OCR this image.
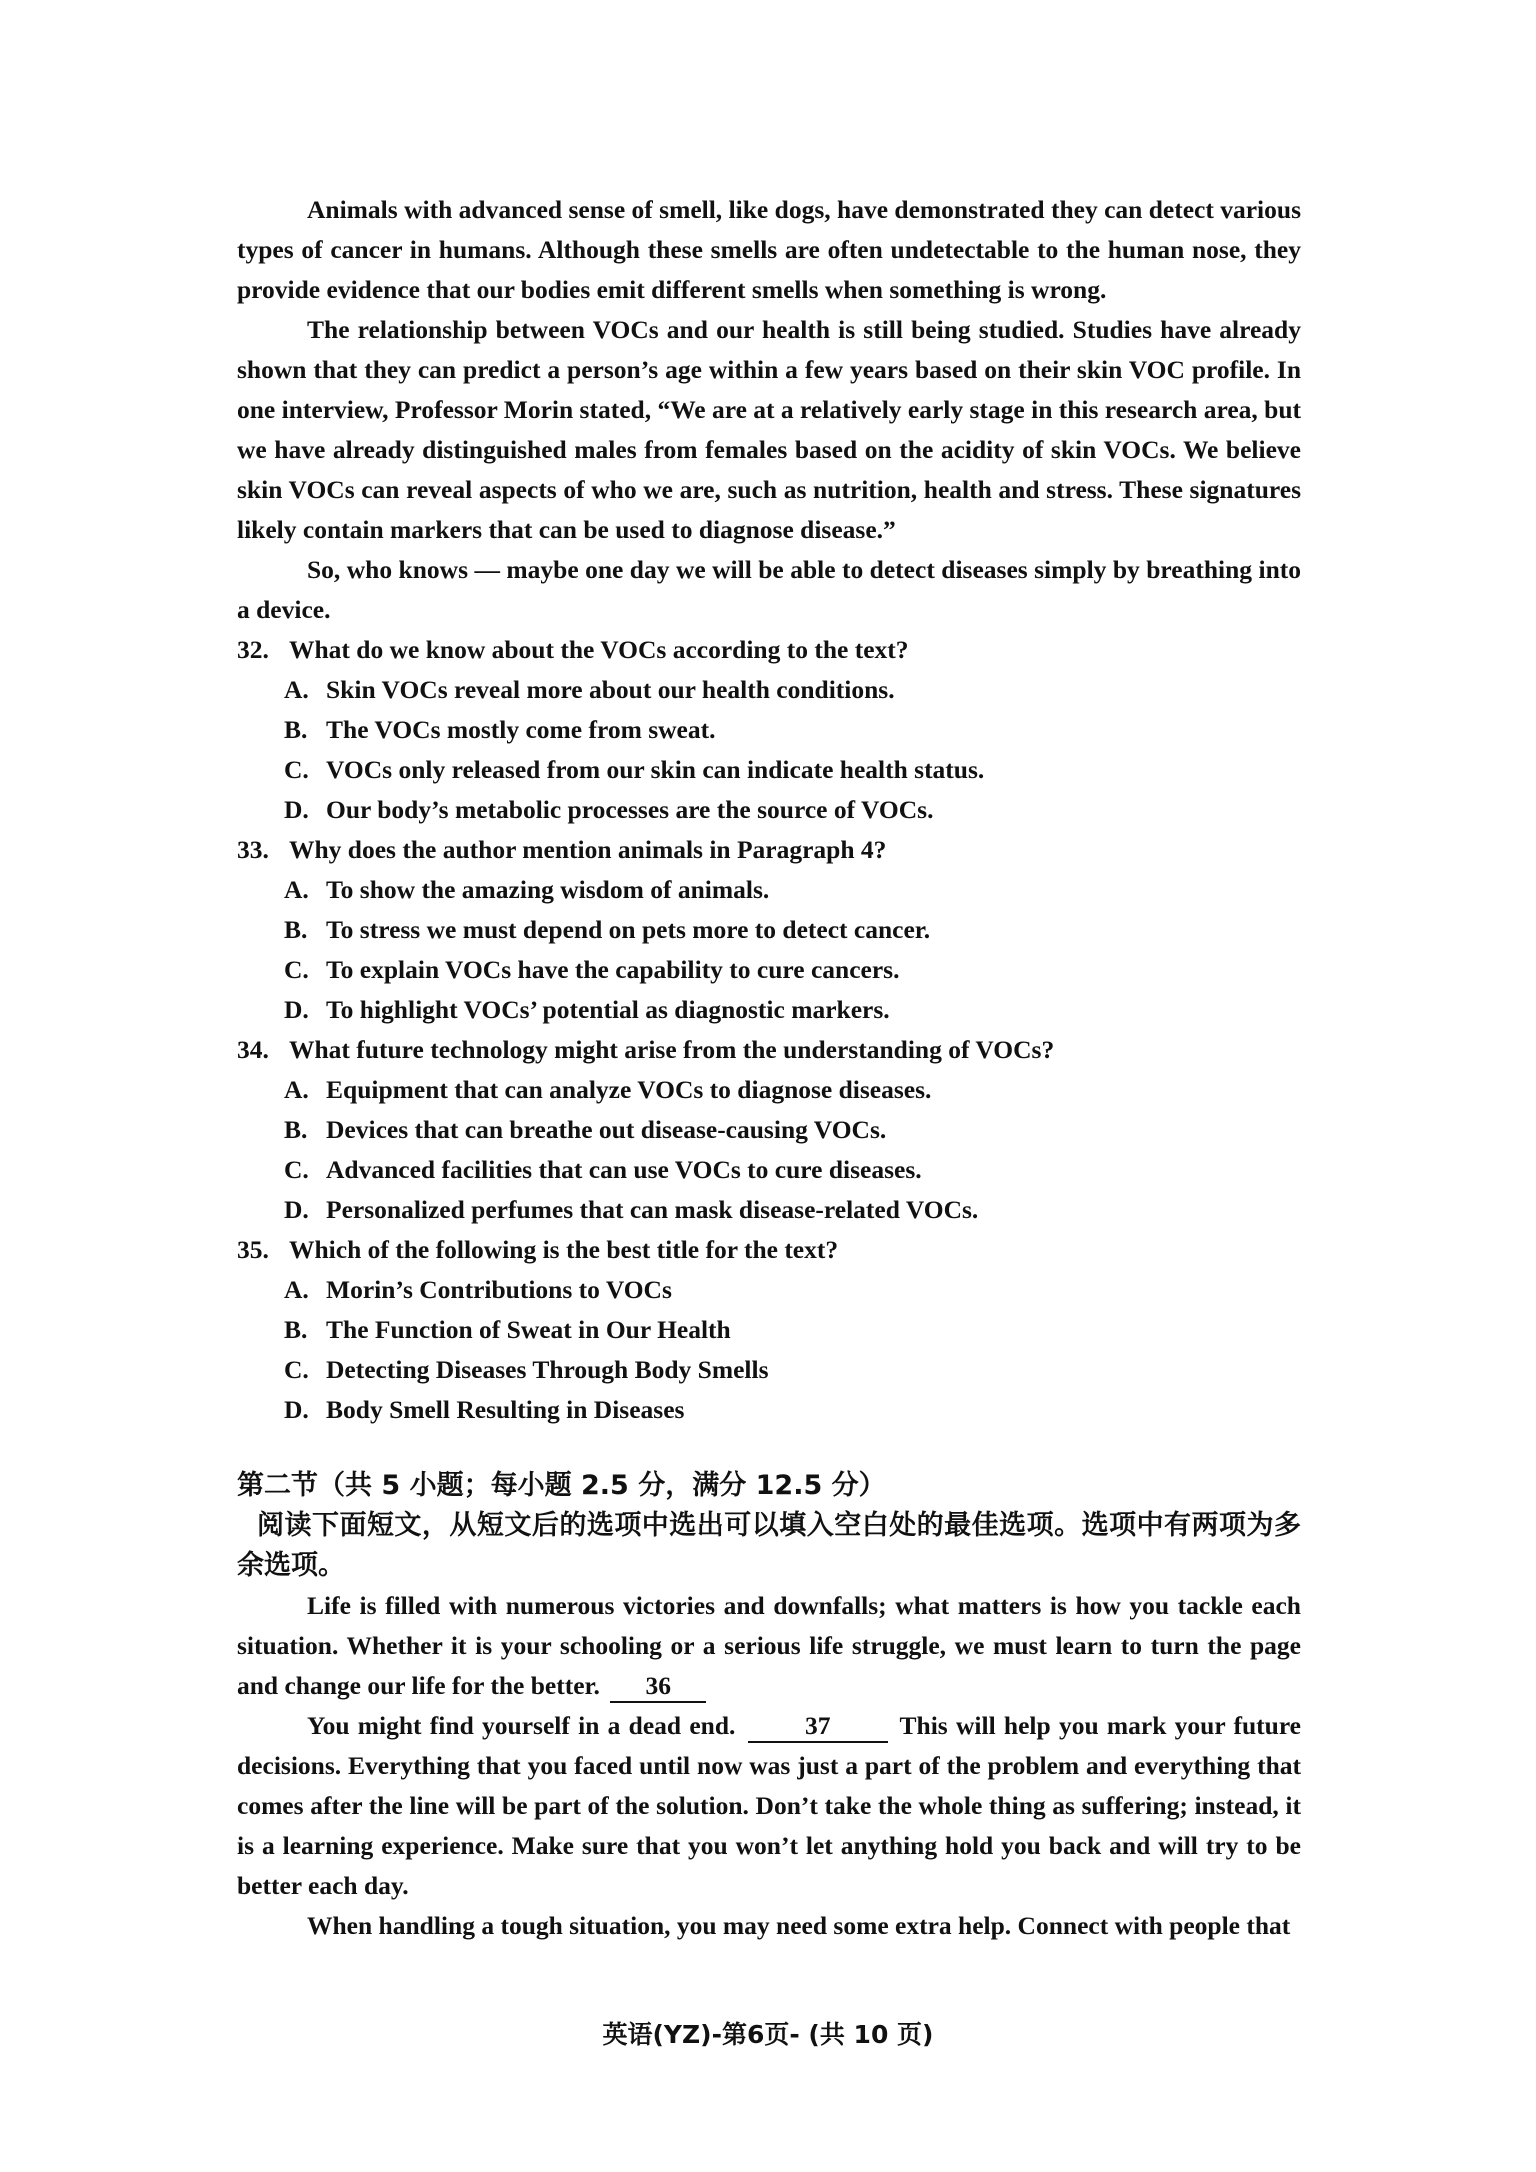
Animals with advanced sense of smell, like dogs, have demonstrated they can detect various types of cancer in humans. Although these smells are often undetectable to the human nose, they provide evidence that our bodies emit different smells when something is wrong.

The relationship between VOCs and our health is still being studied. Studies have already shown that they can predict a person’s age within a few years based on their skin VOC profile. In one interview, Professor Morin stated, “We are at a relatively early stage in this research area, but we have already distinguished males from females based on the acidity of skin VOCs. We believe skin VOCs can reveal aspects of who we are, such as nutrition, health and stress. These signatures likely contain markers that can be used to diagnose disease.”

So, who knows — maybe one day we will be able to detect diseases simply by breathing into a device.

32. What do we know about the VOCs according to the text?
A. Skin VOCs reveal more about our health conditions.
B. The VOCs mostly come from sweat.
C. VOCs only released from our skin can indicate health status.
D. Our body’s metabolic processes are the source of VOCs.
33. Why does the author mention animals in Paragraph 4?
A. To show the amazing wisdom of animals.
B. To stress we must depend on pets more to detect cancer.
C. To explain VOCs have the capability to cure cancers.
D. To highlight VOCs’ potential as diagnostic markers.
34. What future technology might arise from the understanding of VOCs?
A. Equipment that can analyze VOCs to diagnose diseases.
B. Devices that can breathe out disease-causing VOCs.
C. Advanced facilities that can use VOCs to cure diseases.
D. Personalized perfumes that can mask disease-related VOCs.
35. Which of the following is the best title for the text?
A. Morin’s Contributions to VOCs
B. The Function of Sweat in Our Health
C. Detecting Diseases Through Body Smells
D. Body Smell Resulting in Diseases
第二节（共 5 小题；每小题 2.5 分，满分 12.5 分）
阅读下面短文，从短文后的选项中选出可以填入空白处的最佳选项。选项中有两项为多余选项。

Life is filled with numerous victories and downfalls; what matters is how you tackle each situation. Whether it is your schooling or a serious life struggle, we must learn to turn the page and change our life for the better. 36

You might find yourself in a dead end.	37	This will help you mark your future decisions. Everything that you faced until now was just a part of the problem and everything that comes after the line will be part of the solution. Don’t take the whole thing as suffering; instead, it is a learning experience. Make sure that you won’t let anything hold you back and will try to be better each day.

When handling a tough situation, you may need some extra help. Connect with people that

英语(YZ)-第6页- (共 10 页)
